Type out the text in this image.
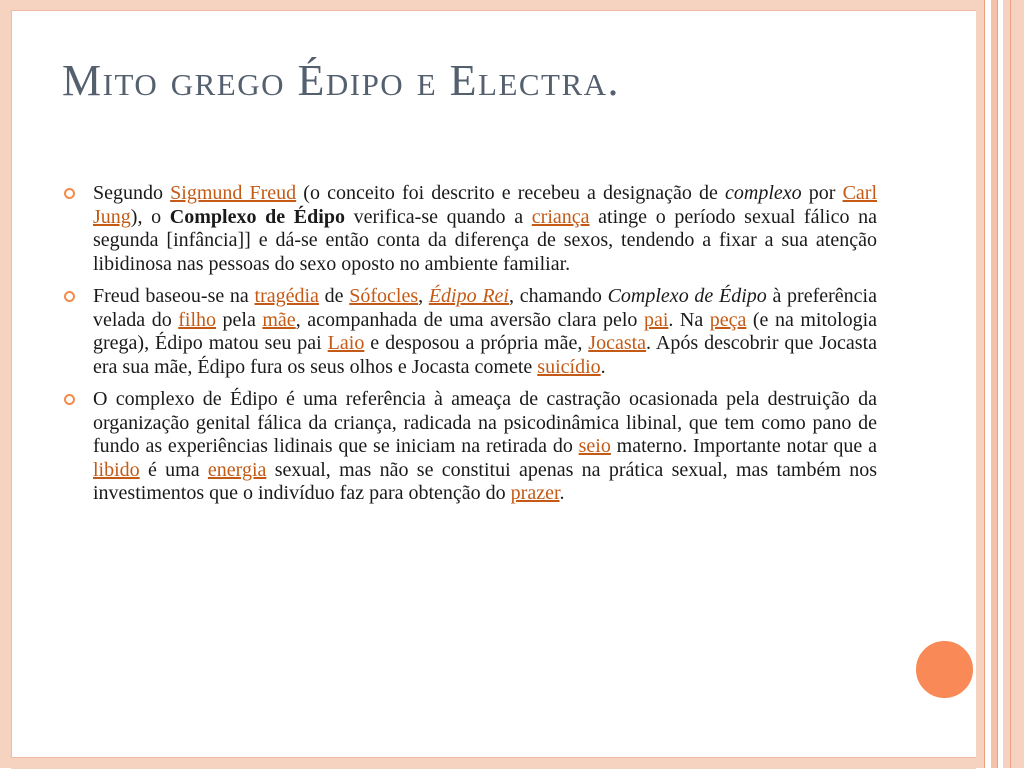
Mito grego Édipo e Electra.
Segundo Sigmund Freud (o conceito foi descrito e recebeu a designação de complexo por Carl Jung), o Complexo de Édipo verifica-se quando a criança atinge o período sexual fálico na segunda [infância]] e dá-se então conta da diferença de sexos, tendendo a fixar a sua atenção libidinosa nas pessoas do sexo oposto no ambiente familiar.
Freud baseou-se na tragédia de Sófocles, Édipo Rei, chamando Complexo de Édipo à preferência velada do filho pela mãe, acompanhada de uma aversão clara pelo pai. Na peça (e na mitologia grega), Édipo matou seu pai Laio e desposou a própria mãe, Jocasta. Após descobrir que Jocasta era sua mãe, Édipo fura os seus olhos e Jocasta comete suicídio.
O complexo de Édipo é uma referência à ameaça de castração ocasionada pela destruição da organização genital fálica da criança, radicada na psicodinâmica libinal, que tem como pano de fundo as experiências lidinais que se iniciam na retirada do seio materno. Importante notar que a libido é uma energia sexual, mas não se constitui apenas na prática sexual, mas também nos investimentos que o indivíduo faz para obtenção do prazer.
